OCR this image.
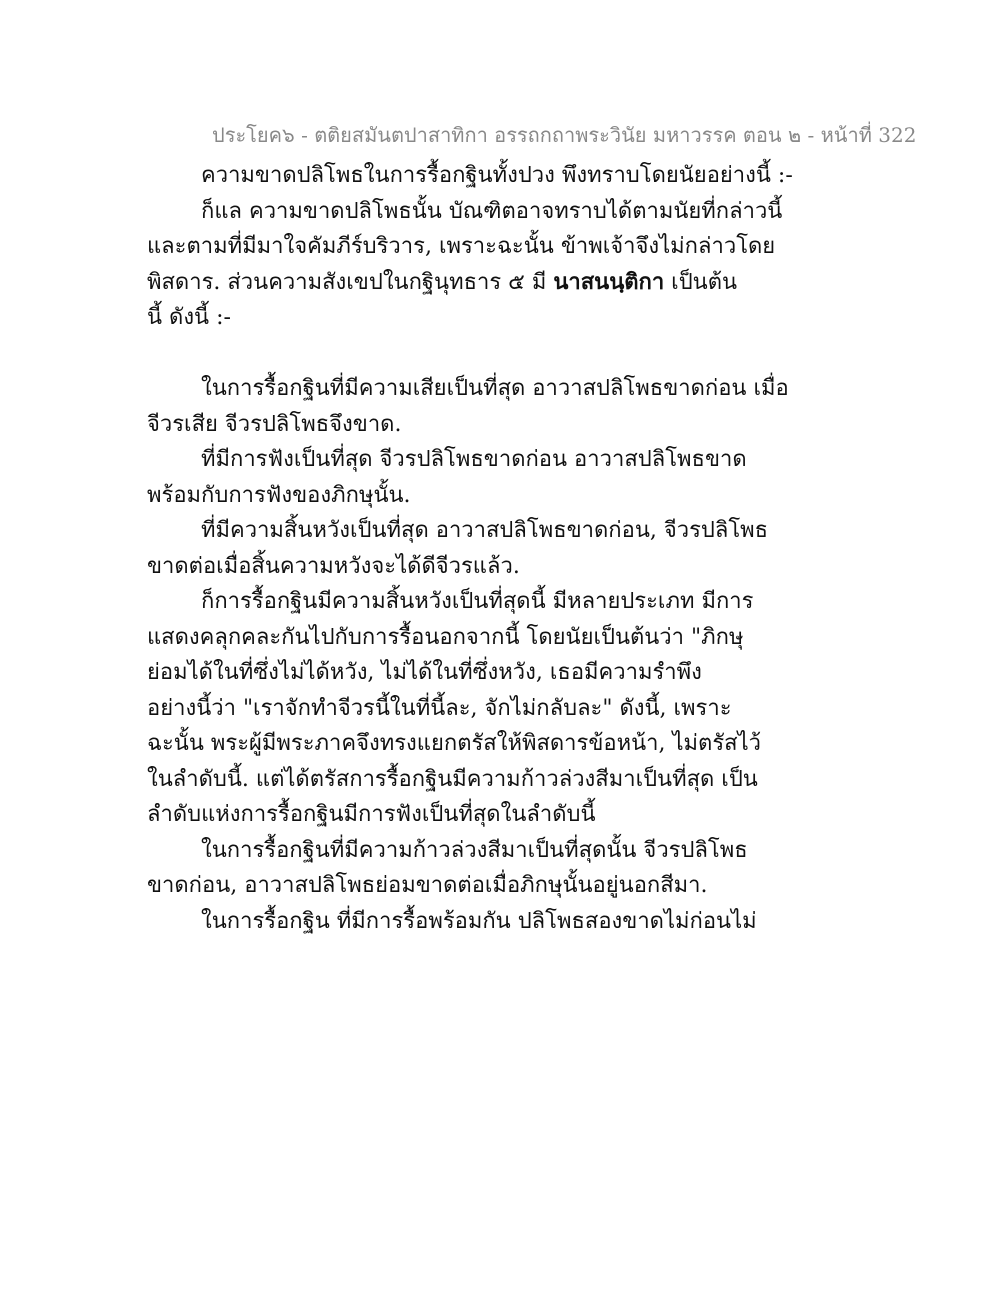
ประโยค๖ - ตติยสมันตปาสาทิกา อรรถกถาพระวินัย มหาวรรค ตอน ๒ - หน้าที่ 322
ความขาดปลิโพธในการรื้อกฐินทั้งปวง พึงทราบโดยนัยอย่างนี้ :-
ก็แล ความขาดปลิโพธนั้น บัณฑิตอาจทราบได้ตามนัยที่กล่าวนี้
และตามที่มีมาใจคัมภีร์บริวาร, เพราะฉะนั้น ข้าพเจ้าจึงไม่กล่าวโดย
พิสดาร. ส่วนความสังเขปในกฐินุทธาร ๕ มี นาสนนฺติกา เป็นต้น
นี้ ดังนี้ :-
ในการรื้อกฐินที่มีความเสียเป็นที่สุด อาวาสปลิโพธขาดก่อน เมื่อ
จีวรเสีย จีวรปลิโพธจึงขาด.
ที่มีการฟังเป็นที่สุด จีวรปลิโพธขาดก่อน อาวาสปลิโพธขาด
พร้อมกับการฟังของภิกษุนั้น.
ที่มีความสิ้นหวังเป็นที่สุด อาวาสปลิโพธขาดก่อน, จีวรปลิโพธ
ขาดต่อเมื่อสิ้นความหวังจะได้ดีจีวรแล้ว.
ก็การรื้อกฐินมีความสิ้นหวังเป็นที่สุดนี้ มีหลายประเภท มีการ
แสดงคลุกคละกันไปกับการรื้อนอกจากนี้ โดยนัยเป็นต้นว่า "ภิกษุ
ย่อมได้ในที่ซึ่งไม่ได้หวัง, ไม่ได้ในที่ซึ่งหวัง, เธอมีความรำพึง
อย่างนี้ว่า "เราจักทำจีวรนี้ในที่นี้ละ, จักไม่กลับละ" ดังนี้, เพราะ
ฉะนั้น พระผู้มีพระภาคจึงทรงแยกตรัสให้พิสดารข้อหน้า, ไม่ตรัสไว้
ในลำดับนี้. แต่ได้ตรัสการรื้อกฐินมีความก้าวล่วงสีมาเป็นที่สุด เป็น
ลำดับแห่งการรื้อกฐินมีการฟังเป็นที่สุดในลำดับนี้
ในการรื้อกฐินที่มีความก้าวล่วงสีมาเป็นที่สุดนั้น จีวรปลิโพธ
ขาดก่อน, อาวาสปลิโพธย่อมขาดต่อเมื่อภิกษุนั้นอยู่นอกสีมา.
ในการรื้อกฐิน ที่มีการรื้อพร้อมกัน ปลิโพธสองขาดไม่ก่อนไม่
